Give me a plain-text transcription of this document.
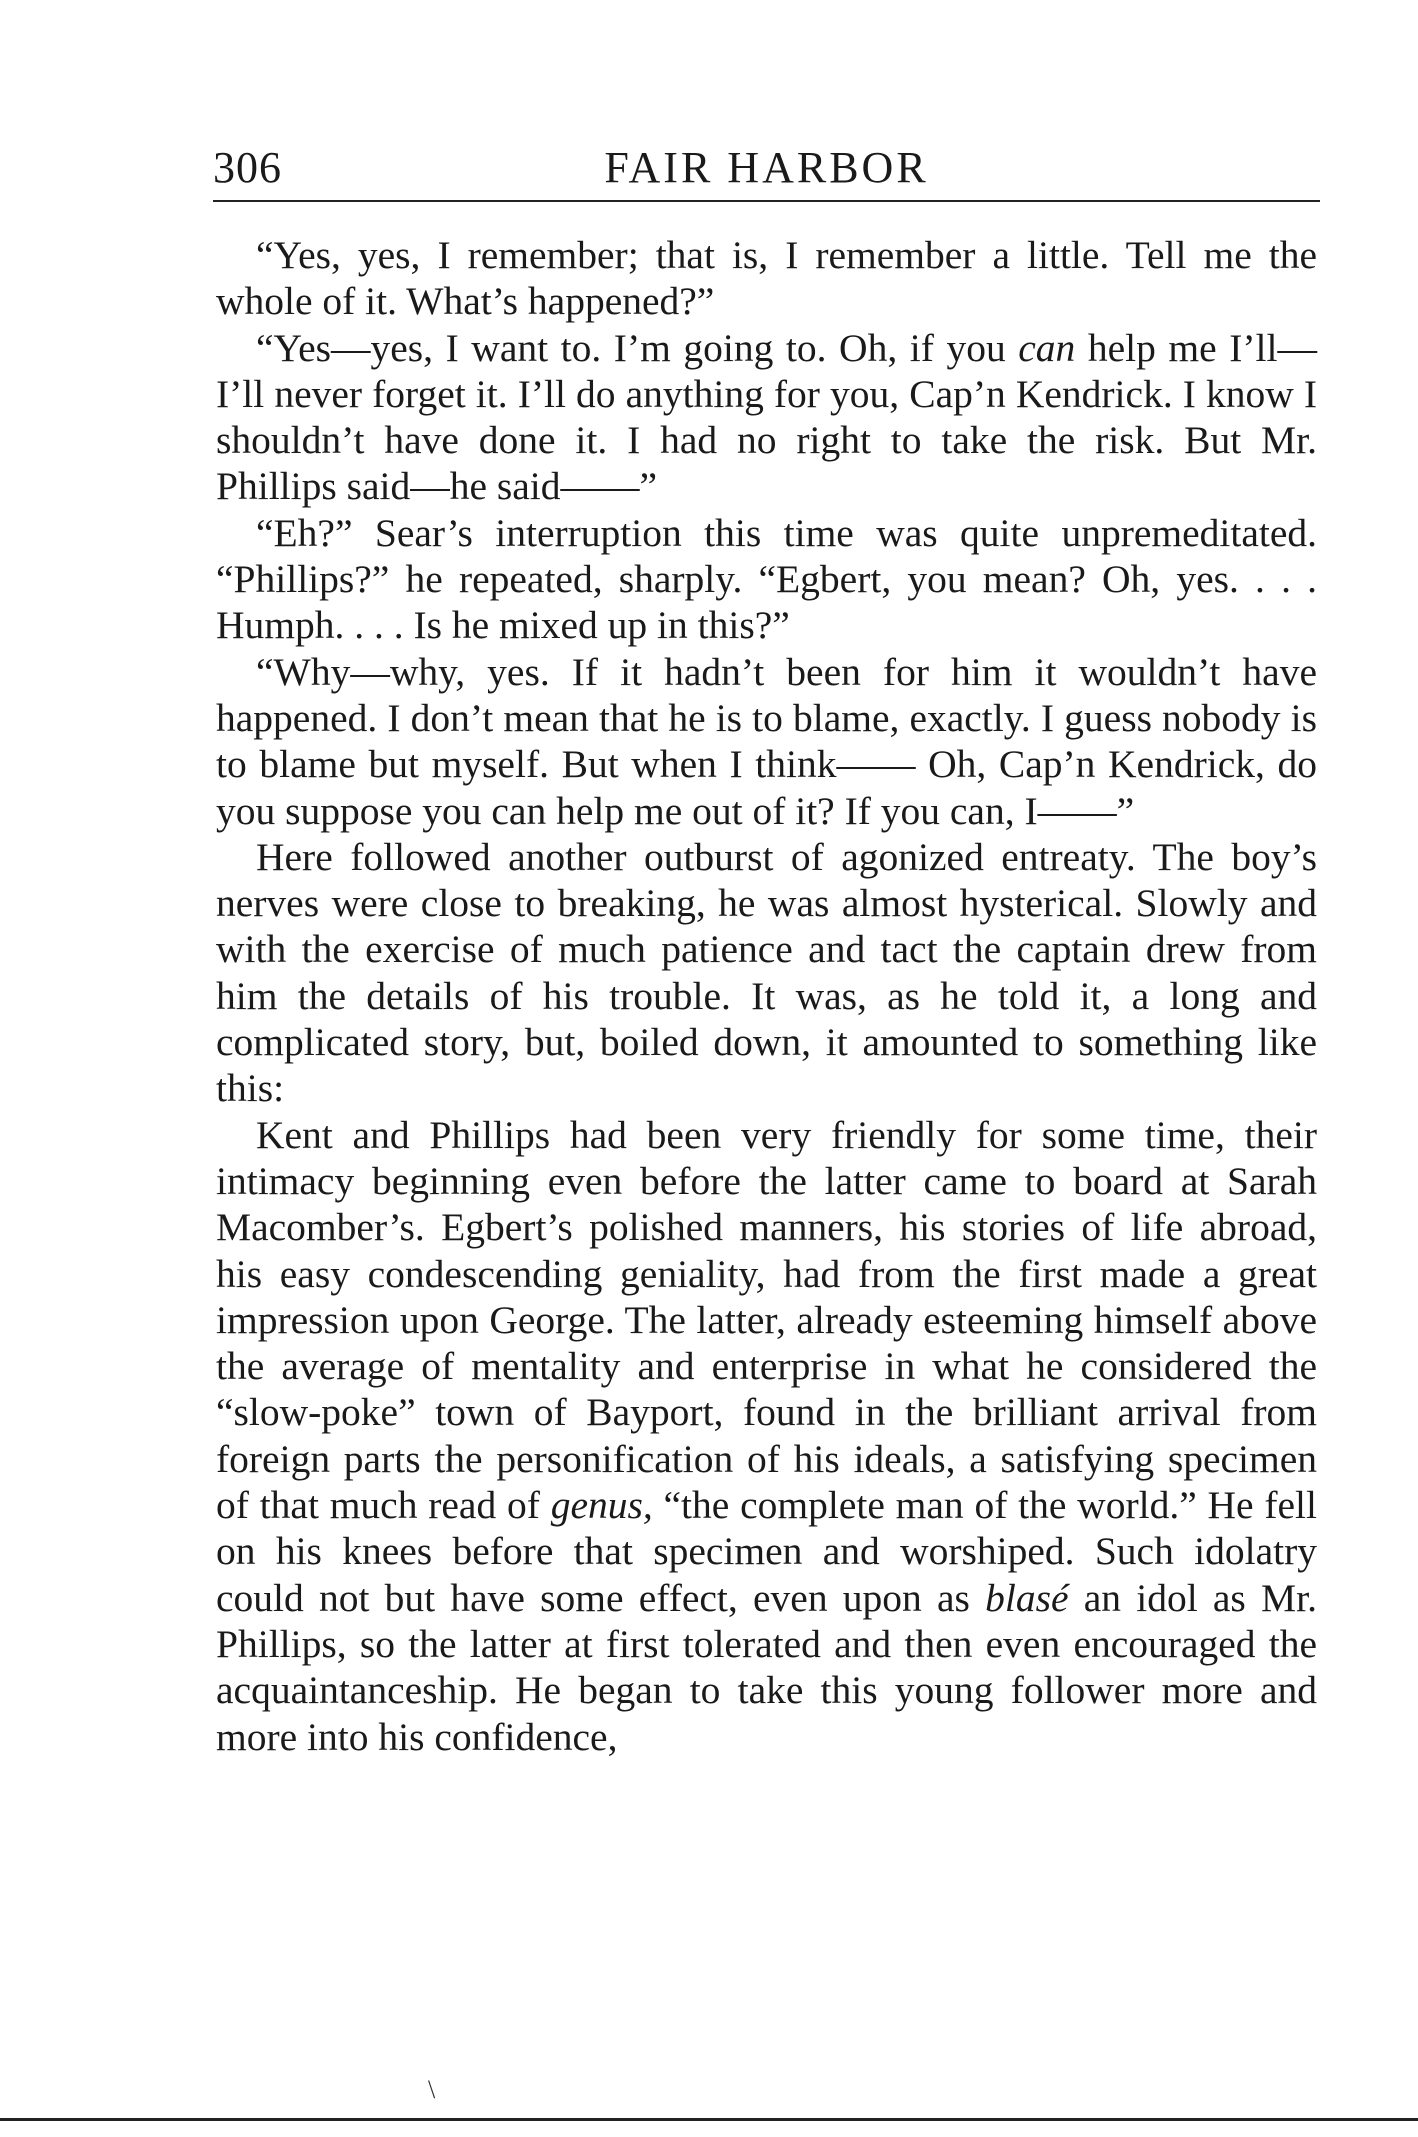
306	FAIR HARBOR

“Yes, yes, I remember; that is, I remember a little. Tell me the whole of it. What’s happened?”

“Yes—yes, I want to. I’m going to. Oh, if you can help me I’ll—I’ll never forget it. I’ll do anything for you, Cap’n Kendrick. I know I shouldn’t have done it. I had no right to take the risk. But Mr. Phillips said—he said——”

“Eh?” Sear’s interruption this time was quite unpremeditated. “Phillips?” he repeated, sharply. “Egbert, you mean? Oh, yes. . . . Humph. . . . Is he mixed up in this?”

“Why—why, yes. If it hadn’t been for him it wouldn’t have happened. I don’t mean that he is to blame, exactly. I guess nobody is to blame but myself. But when I think—— Oh, Cap’n Kendrick, do you suppose you can help me out of it? If you can, I——”

Here followed another outburst of agonized entreaty. The boy’s nerves were close to breaking, he was almost hysterical. Slowly and with the exercise of much patience and tact the captain drew from him the details of his trouble. It was, as he told it, a long and complicated story, but, boiled down, it amounted to something like this:

Kent and Phillips had been very friendly for some time, their intimacy beginning even before the latter came to board at Sarah Macomber’s. Egbert’s polished manners, his stories of life abroad, his easy condescending geniality, had from the first made a great impression upon George. The latter, already esteeming himself above the average of mentality and enterprise in what he considered the “slow-poke” town of Bayport, found in the brilliant arrival from foreign parts the personification of his ideals, a satisfying specimen of that much read of genus, “the complete man of the world.” He fell on his knees before that specimen and worshiped. Such idolatry could not but have some effect, even upon as blasé an idol as Mr. Phillips, so the latter at first tolerated and then even encouraged the acquaintanceship. He began to take this young follower more and more into his confidence,

\
